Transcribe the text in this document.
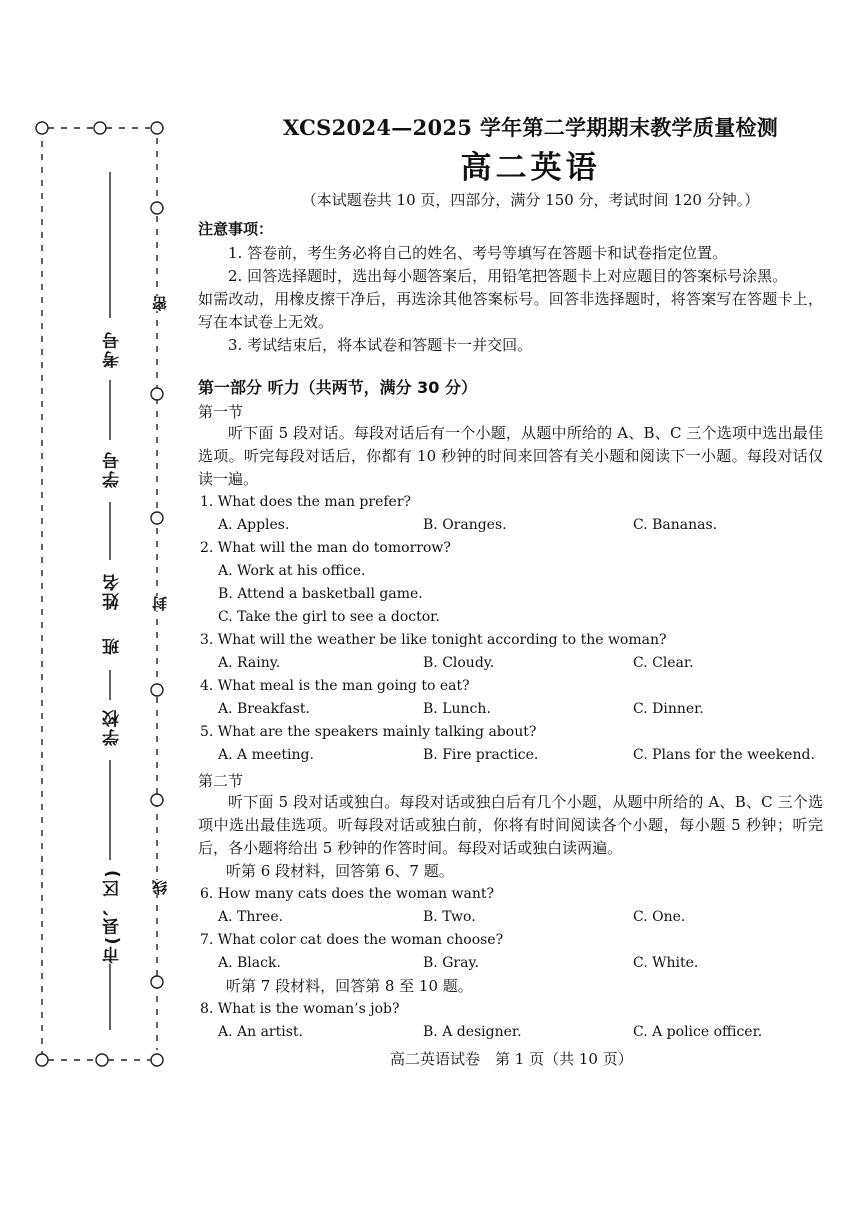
考号
学号
姓名
班
学校
市(县、区)
密
封
线
XCS2024—2025 学年第二学期期末教学质量检测
高二英语
（本试题卷共 10 页，四部分，满分 150 分，考试时间 120 分钟。）
注意事项：
1. 答卷前，考生务必将自己的姓名、考号等填写在答题卡和试卷指定位置。
2. 回答选择题时，选出每小题答案后，用铅笔把答题卡上对应题目的答案标号涂黑。
如需改动，用橡皮擦干净后，再选涂其他答案标号。回答非选择题时，将答案写在答题卡上，写在本试卷上无效。
3. 考试结束后，将本试卷和答题卡一并交回。
第一部分 听力（共两节，满分 30 分）
第一节
听下面 5 段对话。每段对话后有一个小题，从题中所给的 A、B、C 三个选项中选出最佳选项。听完每段对话后，你都有 10 秒钟的时间来回答有关小题和阅读下一小题。每段对话仅读一遍。
1. What does the man prefer?
A. Apples.	B. Oranges.	C. Bananas.
2. What will the man do tomorrow?
A. Work at his office.
B. Attend a basketball game.
C. Take the girl to see a doctor.
3. What will the weather be like tonight according to the woman?
A. Rainy.	B. Cloudy.	C. Clear.
4. What meal is the man going to eat?
A. Breakfast.	B. Lunch.	C. Dinner.
5. What are the speakers mainly talking about?
A. A meeting.	B. Fire practice.	C. Plans for the weekend.
第二节
听下面 5 段对话或独白。每段对话或独白后有几个小题，从题中所给的 A、B、C 三个选项中选出最佳选项。听每段对话或独白前，你将有时间阅读各个小题，每小题 5 秒钟；听完后，各小题将给出 5 秒钟的作答时间。每段对话或独白读两遍。
听第 6 段材料，回答第 6、7 题。
6. How many cats does the woman want?
A. Three.	B. Two.	C. One.
7. What color cat does the woman choose?
A. Black.	B. Gray.	C. White.
听第 7 段材料，回答第 8 至 10 题。
8. What is the woman’s job?
A. An artist.	B. A designer.	C. A police officer.
高二英语试卷　第 1 页（共 10 页）
